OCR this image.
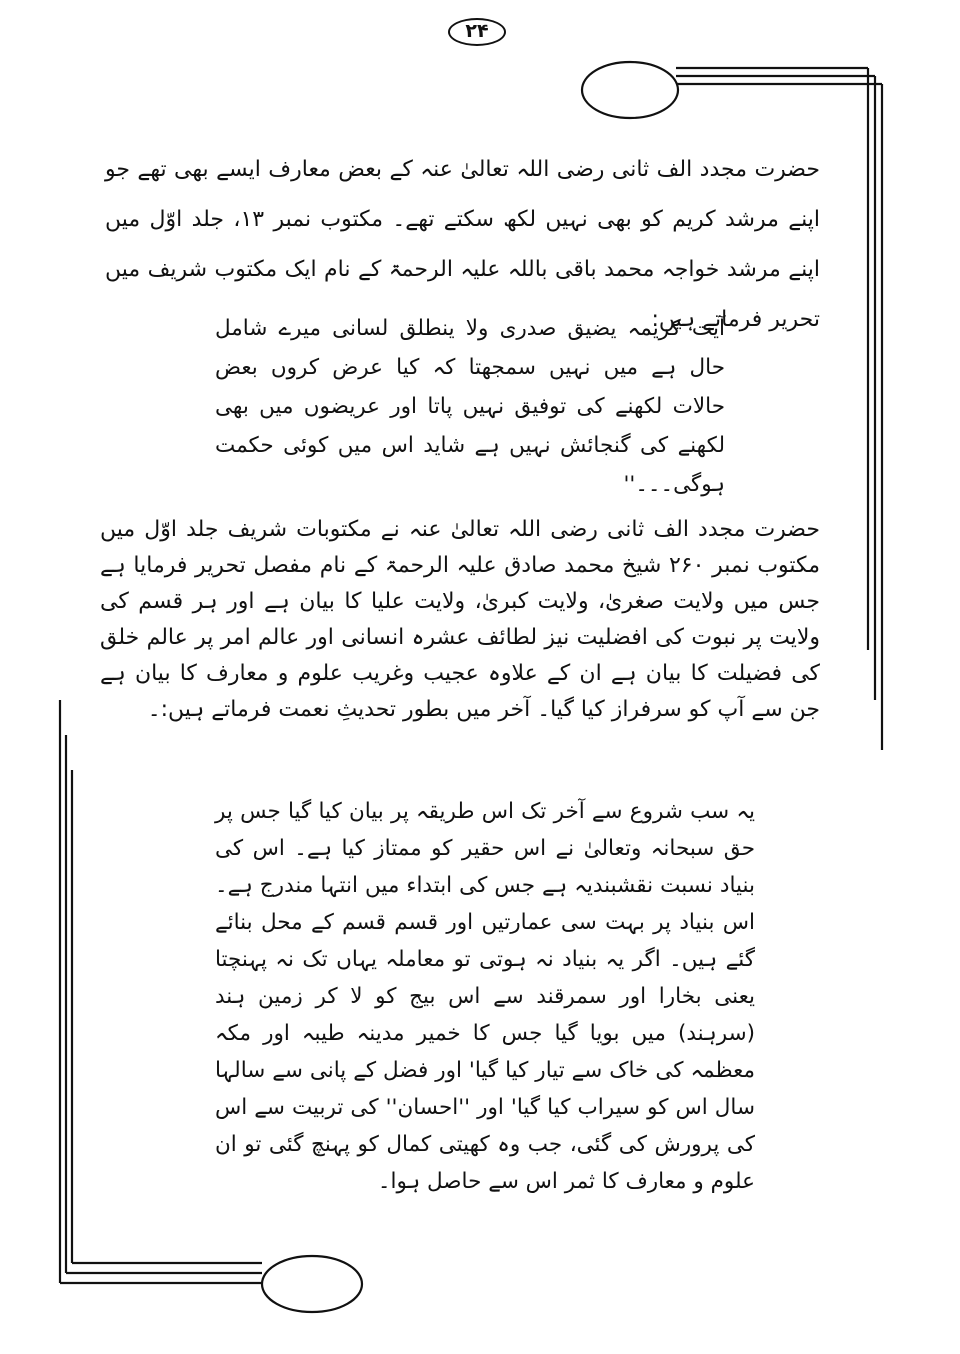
۲۴

حضرت مجدد الف ثانی رضی اللہ تعالیٰ عنہ کے بعض معارف ایسے بھی تھے جو اپنے مرشد کریم کو بھی نہیں لکھ سکتے تھے۔ مکتوب نمبر ۱۳، جلد اوّل میں اپنے مرشد خواجہ محمد باقی باللہ علیہ الرحمۃ کے نام ایک مکتوب شریف میں تحریر فرماتے ہیں:

آیت کریمہ یضیق صدری ولا ینطلق لسانی میرے شامل حال ہے میں نہیں سمجھتا کہ کیا عرض کروں بعض حالات لکھنے کی توفیق نہیں پاتا اور عریضوں میں بھی لکھنے کی گنجائش نہیں ہے شاید اس میں کوئی حکمت ہوگی۔۔۔''

حضرت مجدد الف ثانی رضی اللہ تعالیٰ عنہ نے مکتوبات شریف جلد اوّل میں مکتوب نمبر ۲۶۰ شیخ محمد صادق علیہ الرحمۃ کے نام مفصل تحریر فرمایا ہے جس میں ولایت صغریٰ، ولایت کبریٰ، ولایت علیا کا بیان ہے اور ہر قسم کی ولایت پر نبوت کی افضلیت نیز لطائف عشرہ انسانی اور عالم امر پر عالم خلق کی فضیلت کا بیان ہے ان کے علاوہ عجیب وغریب علوم و معارف کا بیان ہے جن سے آپ کو سرفراز کیا گیا۔ آخر میں بطور تحدیثِ نعمت فرماتے ہیں:۔

یہ سب شروع سے آخر تک اس طریقہ پر بیان کیا گیا جس پر حق سبحانہ وتعالیٰ نے اس حقیر کو ممتاز کیا ہے۔ اس کی بنیاد نسبت نقشبندیہ ہے جس کی ابتداء میں انتہا مندرج ہے۔ اس بنیاد پر بہت سی عمارتیں اور قسم قسم کے محل بنائے گئے ہیں۔ اگر یہ بنیاد نہ ہوتی تو معاملہ یہاں تک نہ پہنچتا یعنی بخارا اور سمرقند سے اس بیج کو لا کر زمین ہند (سرہند) میں بویا گیا جس کا خمیر مدینہ طیبہ اور مکہ معظمہ کی خاک سے تیار کیا گیا' اور فضل کے پانی سے سالہا سال اس کو سیراب کیا گیا' اور ''احسان'' کی تربیت سے اس کی پرورش کی گئی، جب وہ کھیتی کمال کو پہنچ گئی تو ان علوم و معارف کا ثمر اس سے حاصل ہوا۔
